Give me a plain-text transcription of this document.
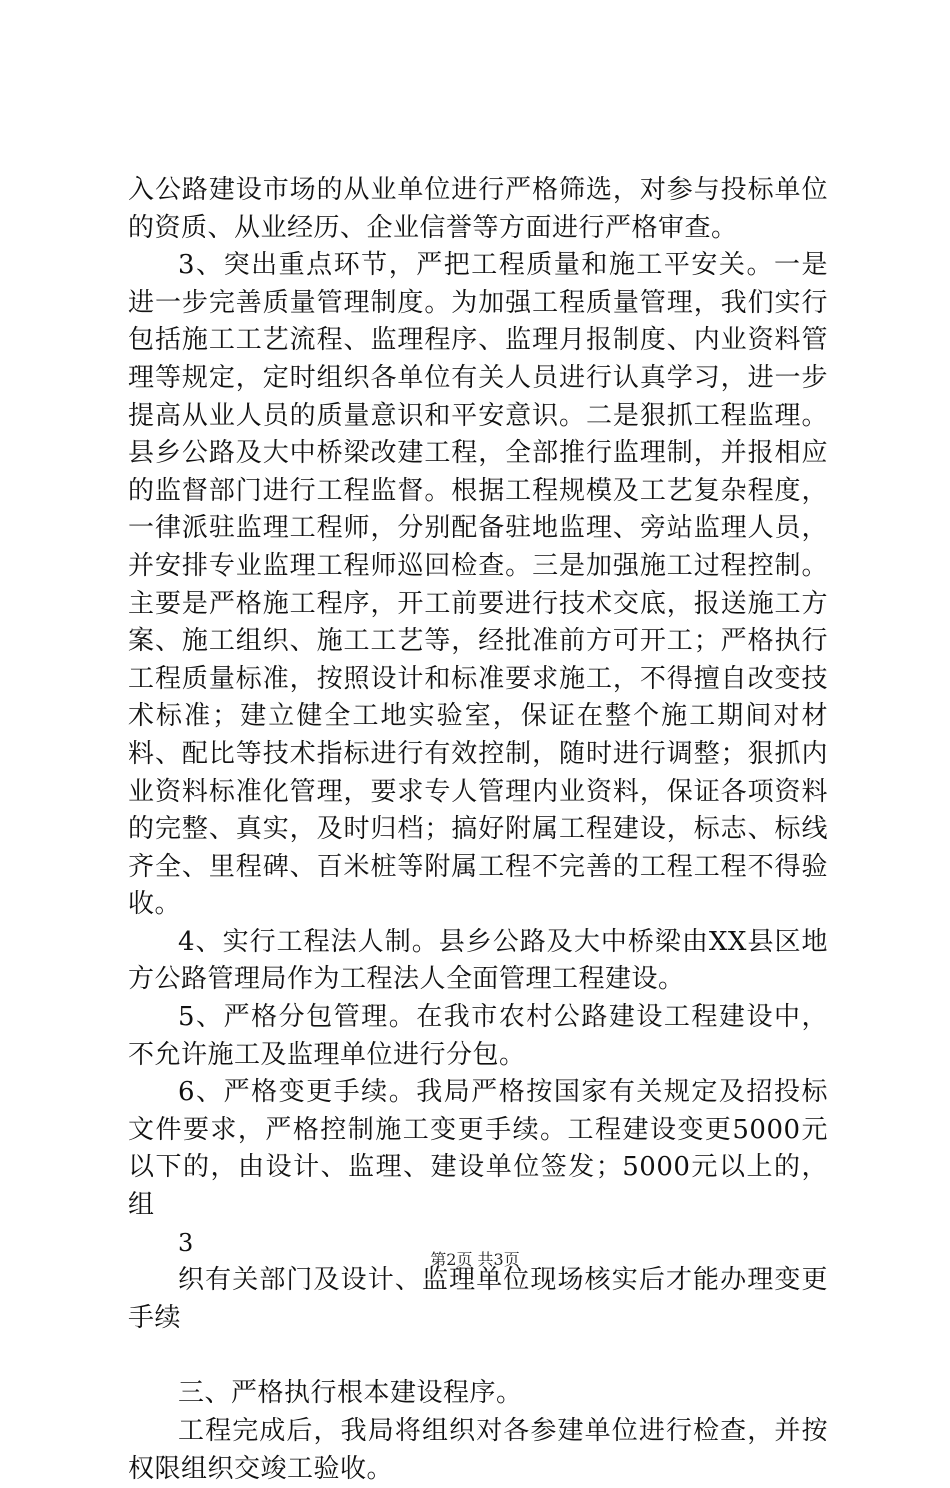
入公路建设市场的从业单位进行严格筛选，对参与投标单位的资质、从业经历、企业信誉等方面进行严格审查。

3、突出重点环节，严把工程质量和施工平安关。一是进一步完善质量管理制度。为加强工程质量管理，我们实行包括施工工艺流程、监理程序、监理月报制度、内业资料管理等规定，定时组织各单位有关人员进行认真学习，进一步提高从业人员的质量意识和平安意识。二是狠抓工程监理。县乡公路及大中桥梁改建工程，全部推行监理制，并报相应的监督部门进行工程监督。根据工程规模及工艺复杂程度，一律派驻监理工程师，分别配备驻地监理、旁站监理人员，并安排专业监理工程师巡回检查。三是加强施工过程控制。主要是严格施工程序，开工前要进行技术交底，报送施工方案、施工组织、施工工艺等，经批准前方可开工；严格执行工程质量标准，按照设计和标准要求施工，不得擅自改变技术标准；建立健全工地实验室，保证在整个施工期间对材料、配比等技术指标进行有效控制，随时进行调整；狠抓内业资料标准化管理，要求专人管理内业资料，保证各项资料的完整、真实，及时归档；搞好附属工程建设，标志、标线齐全、里程碑、百米桩等附属工程不完善的工程工程不得验收。

4、实行工程法人制。县乡公路及大中桥梁由XX县区地方公路管理局作为工程法人全面管理工程建设。

5、严格分包管理。在我市农村公路建设工程建设中，不允许施工及监理单位进行分包。

6、严格变更手续。我局严格按国家有关规定及招投标文件要求，严格控制施工变更手续。工程建设变更5000元以下的，由设计、监理、建设单位签发；5000元以上的，组

3

织有关部门及设计、监理单位现场核实后才能办理变更手续

三、严格执行根本建设程序。

工程完成后，我局将组织对各参建单位进行检查，并按权限组织交竣工验收。

第2页 共3页
